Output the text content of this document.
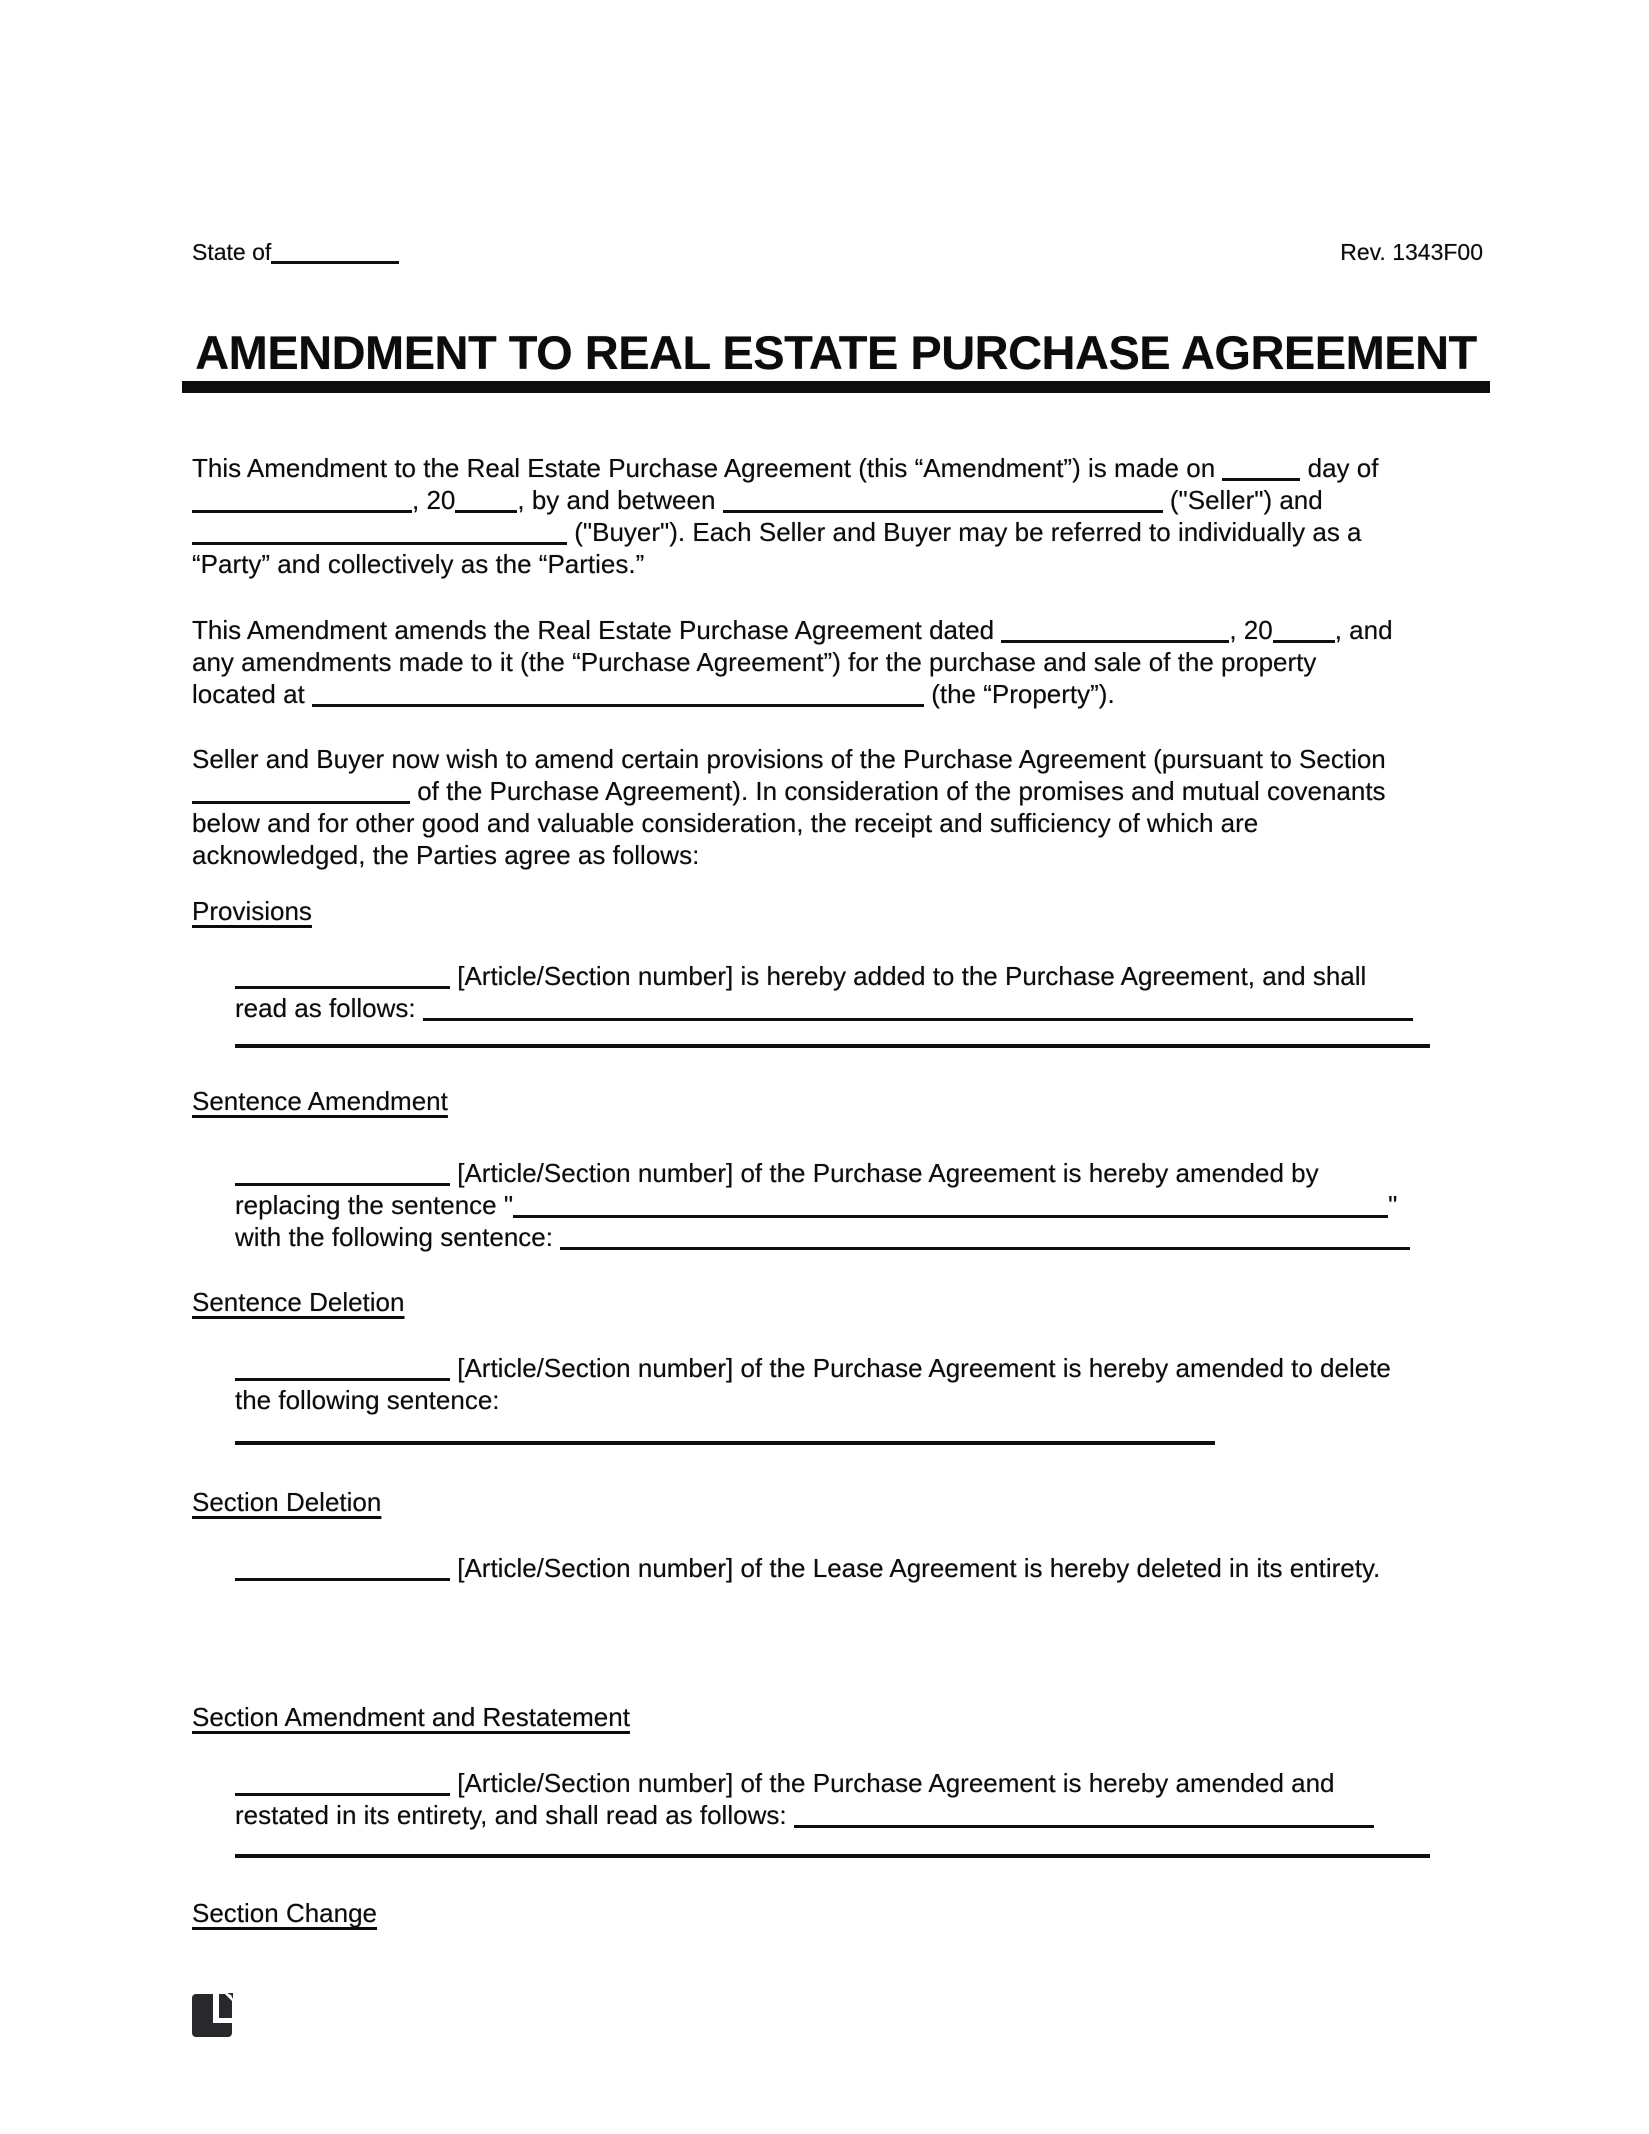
State of	Rev. 1343F00
AMENDMENT TO REAL ESTATE PURCHASE AGREEMENT
This Amendment to the Real Estate Purchase Agreement (this “Amendment”) is made on	day of
, 20 , by and between	("Seller") and
("Buyer"). Each Seller and Buyer may be referred to individually as a
“Party” and collectively as the “Parties.”
This Amendment amends the Real Estate Purchase Agreement dated	, 20 , and
any amendments made to it (the “Purchase Agreement”) for the purchase and sale of the property
located at	(the “Property”).
Seller and Buyer now wish to amend certain provisions of the Purchase Agreement (pursuant to Section
of the Purchase Agreement). In consideration of the promises and mutual covenants
below and for other good and valuable consideration, the receipt and sufficiency of which are
acknowledged, the Parties agree as follows:
Provisions
[Article/Section number] is hereby added to the Purchase Agreement, and shall
read as follows:
Sentence Amendment
[Article/Section number] of the Purchase Agreement is hereby amended by
replacing the sentence "	"
with the following sentence:
Sentence Deletion
[Article/Section number] of the Purchase Agreement is hereby amended to delete
the following sentence:
Section Deletion
[Article/Section number] of the Lease Agreement is hereby deleted in its entirety.
Section Amendment and Restatement
[Article/Section number] of the Purchase Agreement is hereby amended and
restated in its entirety, and shall read as follows:
Section Change
